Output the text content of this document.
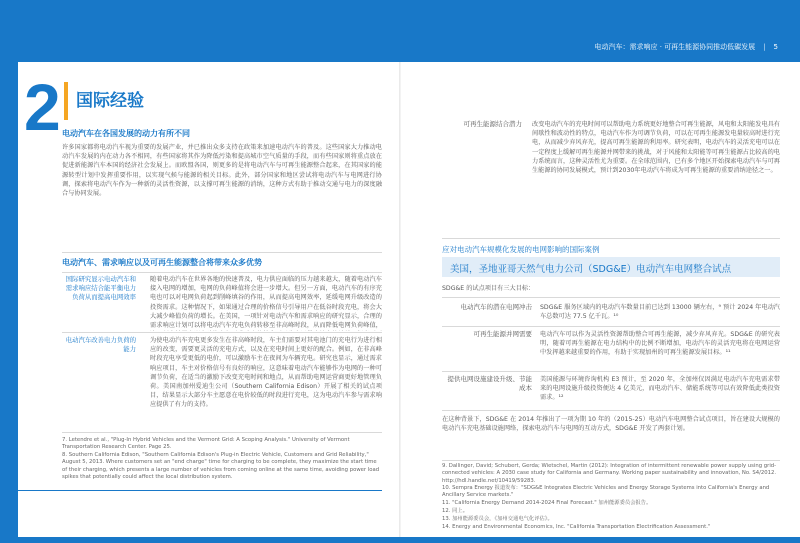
电动汽车：需求响应 · 可再生能源协同推动低碳发展 | 5
2 国际经验
电动汽车在各国发展的动力有所不同
许多国家都将电动汽车视为重要的发展产业，并已推出众多支持在政策来加速电动汽车的普及。这些国家大力推动电动汽车发展的内在动力各不相同，有些国家将其作为降低污染和提高城市空气质量的手段，而有些国家则将重点放在促进新能源汽车本国的经济社会发展上。而欧盟各国，则更多的是将电动汽车与可再生能源整合起来，在其国家的能源转型计划中发挥重要作用，以实现气候与能源的相关目标。此外，部分国家和地区尝试将电动汽车与电网进行协调，探索将电动汽车作为一种新的灵活性资源，以支撑可再生能源的消纳，这种方式有助于推动交通与电力的深度融合与协同发展。
电动汽车、需求响应以及可再生能源整合将带来众多优势
国际研究显示电动汽车和需求响应结合能平衡电力负荷从而提高电网效率
随着电动汽车在世界各地的快速普及，电力供应面临的压力越来越大，随着电动汽车接入电网的增加，电网的负荷峰值将会进一步增大。但另一方面，电动汽车的有序充电也可以对电网负荷起到削峰填谷的作用，从而提高电网效率，延缓电网升级改造的投资需求。这种情况下，如果通过合理的价格信号引导用户在低谷时段充电，将会大大减少峰值负荷的增长。在美国，一项针对电动汽车和需求响应的研究显示，合理的需求响应计划可以将电动汽车充电负荷转移至非高峰时段，从而降低电网负荷峰值，
电动汽车改善电力负荷的能力
为使电动汽车充电更多发生在非高峰时段，车主们需要对其电池门的充电行为进行相应的改变，需要更灵活的充电方式，以及在充电时间上更好的配合。例如，在非高峰时段充电享受更低的电价，可以激励车主在夜间为车辆充电。研究也显示，通过需求响应项目，车主对价格信号有良好的响应，这意味着电动汽车能够作为电网的一种可调节负荷，在适当的激励下改变充电时间和地点，从而帮助电网运营商更好地管理负荷。美国南加州爱迪生公司（Southern California Edison）开展了相关的试点项目，结果显示大部分车主愿意在电价较低的时段进行充电，这为电动汽车参与需求响应提供了有力的支持。
7. Letendre et al., "Plug-In Hybrid Vehicles and the Vermont Grid: A Scoping Analysis." University of Vermont Transportation Research Center. Page 25.
8. Southern California Edison, "Southern California Edison's Plug-in Electric Vehicle, Customers and Grid Reliability," August 5, 2013. Where customers set an "end charge" time for charging to be complete, they maximize the start time of their charging, which presents a large number of vehicles from coming online at the same time, avoiding power load spikes that potentially could affect the local distribution system.
可再生能源结合潜力 改变电动汽车的充电时间可以帮助电力系统更好地整合可再生能源，风电和太阳能发电具有间歇性和波动性的特点，电动汽车作为可调节负荷，可以在可再生能源发电量较高时进行充电，从而减少弃风弃光，提高可再生能源的利用率。研究表明，电动汽车的灵活充电可以在一定程度上缓解可再生能源并网带来的挑战，对于风能和太阳能等可再生能源占比较高的电力系统而言，这种灵活性尤为重要。在全球范围内，已有多个地区开始探索电动汽车与可再生能源的协同发展模式，预计到2030年电动汽车将成为可再生能源的重要消纳途径之一。
应对电动汽车规模化发展的电网影响的国际案例
美国，圣地亚哥天然气电力公司（SDG&E）电动汽车电网整合试点
SDG&E 的试点项目有三大目标：
电动汽车的潜在电网冲击 SDG&E 服务区域内的电动汽车数量目前已达到 13000 辆左右，⁹ 预计 2024 年电动汽车总数可达 77.5 亿千瓦。¹⁰
可再生能源并网需要 电动汽车可以作为灵活性资源帮助整合可再生能源，减少弃风弃光。SDG&E 的研究表明，随着可再生能源在电力结构中的比例不断增加，电动汽车的灵活充电将在电网运营中发挥越来越重要的作用，有助于实现加州的可再生能源发展目标。¹¹
提供电网设施建设升级、节能成本
美国能源与环境咨询机构 E3 预计，至 2020 年，全加州仅因满足电动汽车充电需求带来的电网设施升级投资便达 4 亿美元，而电动汽车、储能系统等可以有效降低此类投资需求。¹²
在这种背景下，SDG&E 在 2014 年推出了一项为期 10 年的（2015-25）电动汽车电网整合试点项目，旨在建设大规模的电动汽车充电基础设施网络，探索电动汽车与电网的互动方式，SDG&E 开发了两套计划。
9. Dallinger, David; Schubert, Gerda; Wietschel, Martin (2012): Integration of intermittent renewable power supply using grid-connected vehicles: A 2030 case study for California and Germany. Working paper sustainability and innovation, No. S4/2012. http://hdl.handle.net/10419/59283.
10. Sempra Energy 报道发布："SDG&E Integrates Electric Vehicles and Energy Storage Systems into California's Energy and Ancillary Service markets."
11. "California Energy Demand 2014-2024 Final Forecast." 加州能源委员会报告。
12. 同上。
13. 加州能源委员会，《加州交通电气化评估》。
14. Energy and Environmental Economics, Inc. "California Transportation Electrification Assessment."
